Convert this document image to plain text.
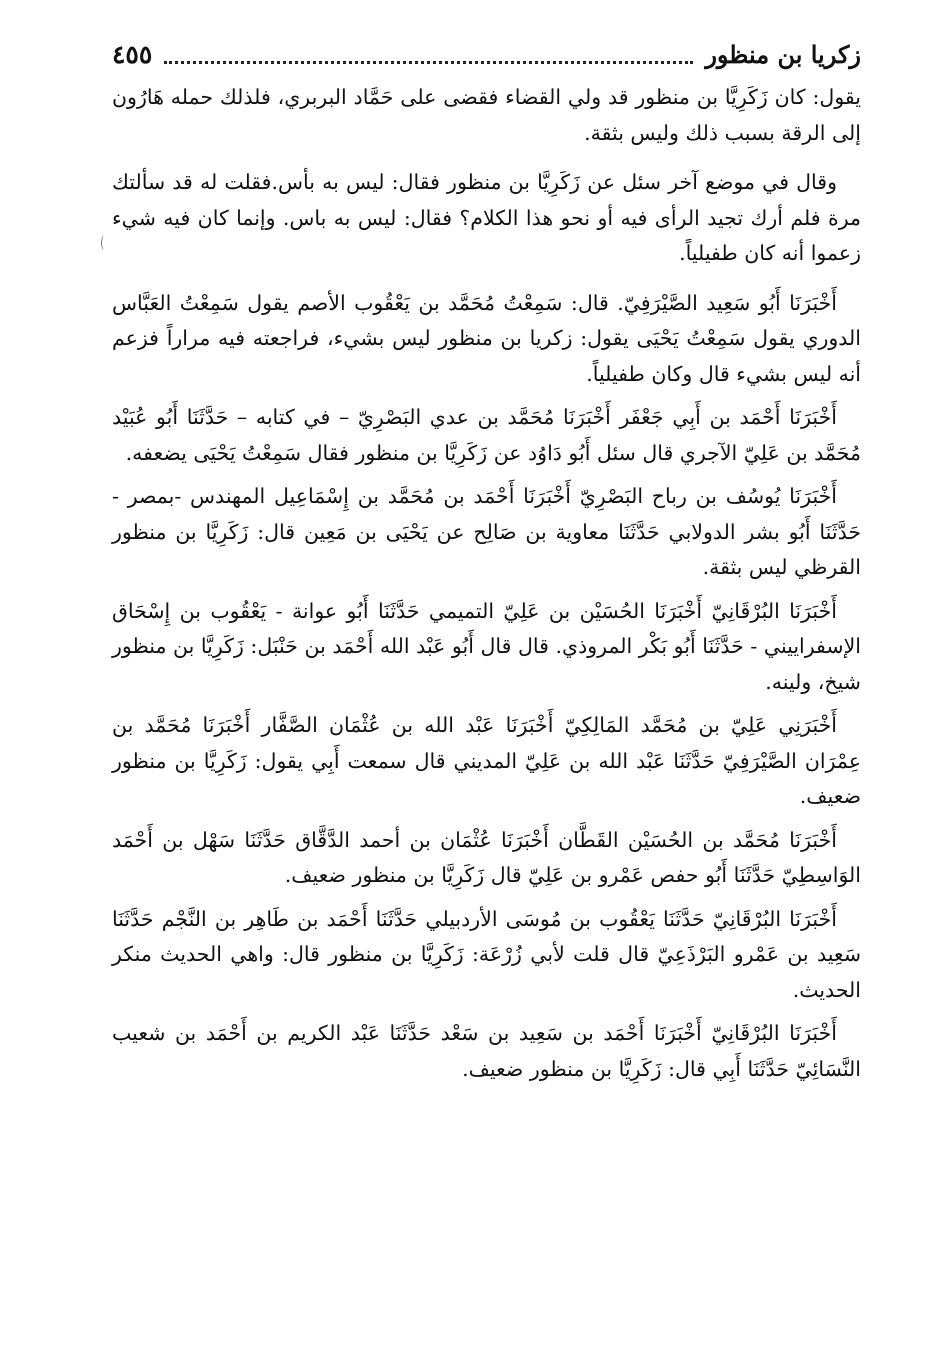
زكريا بن منظور
٤٥٥

يقول: كان زَكَرِيَّا بن منظور قد ولي القضاء فقضى على حَمَّاد البربري، فلذلك حمله هَارُون إلى الرقة بسبب ذلك وليس بثقة.

وقال في موضع آخر سئل عن زَكَرِيَّا بن منظور فقال: ليس به بأس.فقلت له قد سألتك مرة فلم أرك تجيد الرأى فيه أو نحو هذا الكلام؟ فقال: ليس به باس. وإنما كان فيه شيء زعموا أنه كان طفيلياً.

أَخْبَرَنَا أَبُو سَعِيد الصَّيْرَفِيّ. قال: سَمِعْتُ مُحَمَّد بن يَعْقُوب الأصم يقول سَمِعْتُ العَبَّاس الدوري يقول سَمِعْتُ يَحْيَى يقول: زكريا بن منظور ليس بشيء، فراجعته فيه مراراً فزعم أنه ليس بشيء قال وكان طفيلياً.

أَخْبَرَنَا أَحْمَد بن أَبِي جَعْفَر أَخْبَرَنَا مُحَمَّد بن عدي البَصْرِيّ – في كتابه – حَدَّثَنَا أَبُو عُبَيْد مُحَمَّد بن عَلِيّ الآجري قال سئل أَبُو دَاوُد عن زَكَرِيَّا بن منظور فقال سَمِعْتُ يَحْيَى يضعفه.

أَخْبَرَنَا يُوسُف بن رباح البَصْرِيّ أَخْبَرَنَا أَحْمَد بن مُحَمَّد بن إِسْمَاعِيل المهندس -بمصر - حَدَّثَنَا أَبُو بشر الدولابي حَدَّثَنَا معاوية بن صَالِح عن يَحْيَى بن مَعِين قال: زَكَرِيَّا بن منظور القرظي ليس بثقة.

أَخْبَرَنَا البُرْقَانِيّ أَخْبَرَنَا الحُسَيْن بن عَلِيّ التميمي حَدَّثَنَا أَبُو عوانة - يَعْقُوب بن إِسْحَاق الإسفراييني - حَدَّثَنَا أَبُو بَكْر المروذي. قال قال أَبُو عَبْد الله أَحْمَد بن حَنْبَل: زَكَرِيَّا بن منظور شيخ، ولينه.

أَخْبَرَنِي عَلِيّ بن مُحَمَّد المَالِكِيّ أَخْبَرَنَا عَبْد الله بن عُثْمَان الصَّفَّار أَخْبَرَنَا مُحَمَّد بن عِمْرَان الصَّيْرَفِيّ حَدَّثَنَا عَبْد الله بن عَلِيّ المديني قال سمعت أَبِي يقول: زَكَرِيَّا بن منظور ضعيف.

أَخْبَرَنَا مُحَمَّد بن الحُسَيْن القَطَّان أَخْبَرَنَا عُثْمَان بن أحمد الدَّقَّاق حَدَّثَنَا سَهْل بن أَحْمَد الوَاسِطِيّ حَدَّثَنَا أَبُو حفص عَمْرو بن عَلِيّ قال زَكَرِيَّا بن منظور ضعيف.

أَخْبَرَنَا البُرْقَانِيّ حَدَّثَنَا يَعْقُوب بن مُوسَى الأردبيلي حَدَّثَنَا أَحْمَد بن طَاهِر بن النَّجْم حَدَّثَنَا سَعِيد بن عَمْرو البَرْذَعِيّ قال قلت لأبي زُرْعَة: زَكَرِيَّا بن منظور قال: واهي الحديث منكر الحديث.

أَخْبَرَنَا البُرْقَانِيّ أَخْبَرَنَا أَحْمَد بن سَعِيد بن سَعْد حَدَّثَنَا عَبْد الكريم بن أَحْمَد بن شعيب النَّسَائِيّ حَدَّثَنَا أَبِي قال: زَكَرِيَّا بن منظور ضعيف.
